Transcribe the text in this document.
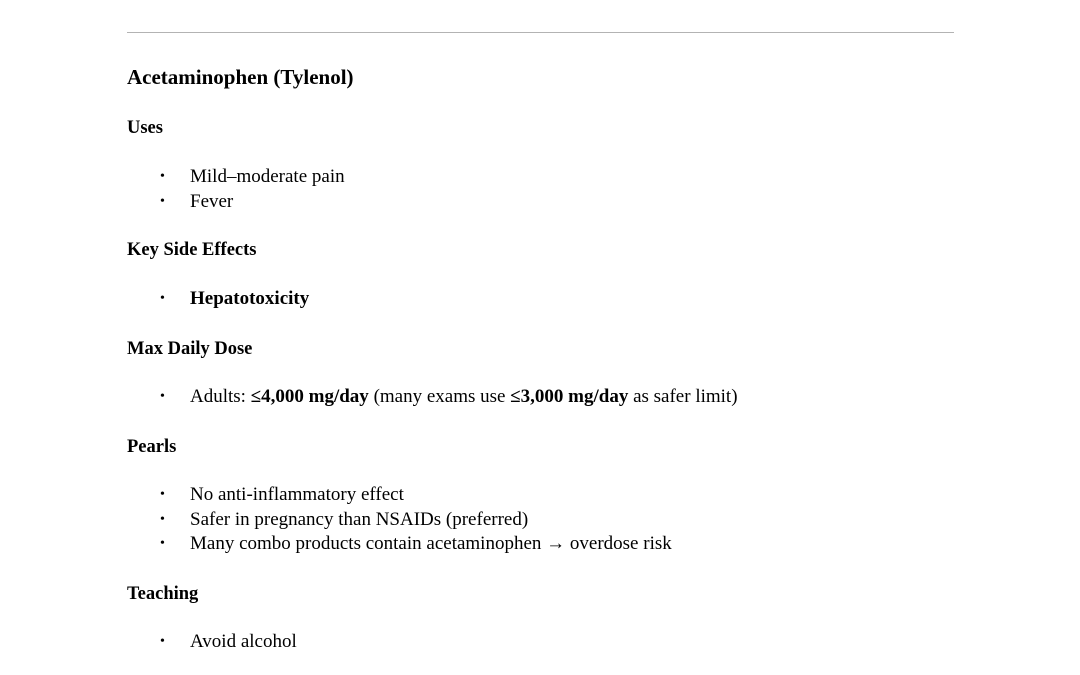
Acetaminophen (Tylenol)
Uses
• Mild–moderate pain
• Fever
Key Side Effects
• Hepatotoxicity
Max Daily Dose
• Adults: ≤4,000 mg/day (many exams use ≤3,000 mg/day as safer limit)
Pearls
• No anti-inflammatory effect
• Safer in pregnancy than NSAIDs (preferred)
• Many combo products contain acetaminophen → overdose risk
Teaching
• Avoid alcohol
